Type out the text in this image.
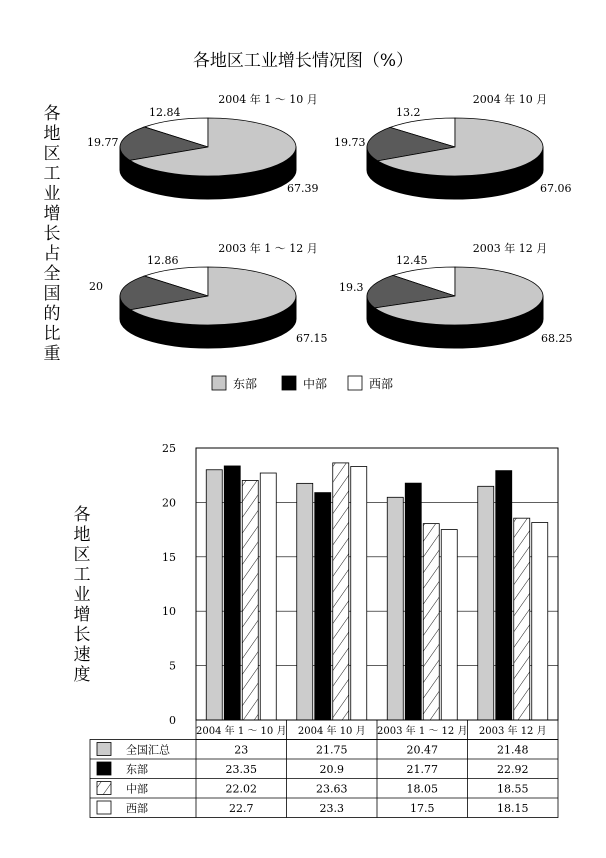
各地区工业增长情况图（%）
各地区工业增长占全国的比重
各地区工业增长速度
2004 年 1 ～ 10 月
67.39
19.77
12.84
2004 年 10 月
67.06
19.73
13.2
2003 年 1 ～ 12 月
67.15
20
12.86
2003 年 12 月
68.25
19.3
12.45
东部	中部	西部
0
5
10
15
20
25
2004 年 1 ～ 10 月 2004 年 10 月 2003 年 1 ～ 12 月 2003 年 12 月
全国汇总	23	21.75	20.47	21.48
东部	23.35	20.9	21.77	22.92
中部	22.02	23.63	18.05	18.55
西部	22.7	23.3	17.5	18.15
